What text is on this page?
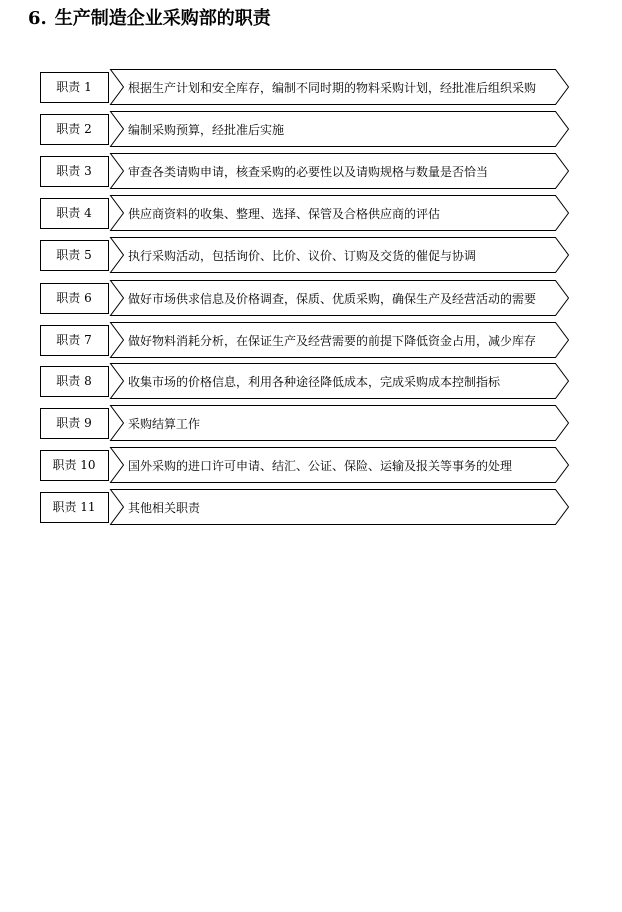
6. 生产制造企业采购部的职责
职责 1	根据生产计划和安全库存，编制不同时期的物料采购计划，经批准后组织采购
职责 2	编制采购预算，经批准后实施
职责 3	审查各类请购申请，核查采购的必要性以及请购规格与数量是否恰当
职责 4	供应商资料的收集、整理、选择、保管及合格供应商的评估
职责 5	执行采购活动，包括询价、比价、议价、订购及交货的催促与协调
职责 6	做好市场供求信息及价格调查，保质、优质采购，确保生产及经营活动的需要
职责 7	做好物料消耗分析，在保证生产及经营需要的前提下降低资金占用，减少库存
职责 8	收集市场的价格信息，利用各种途径降低成本，完成采购成本控制指标
职责 9	采购结算工作
职责 10	国外采购的进口许可申请、结汇、公证、保险、运输及报关等事务的处理
职责 11	其他相关职责
